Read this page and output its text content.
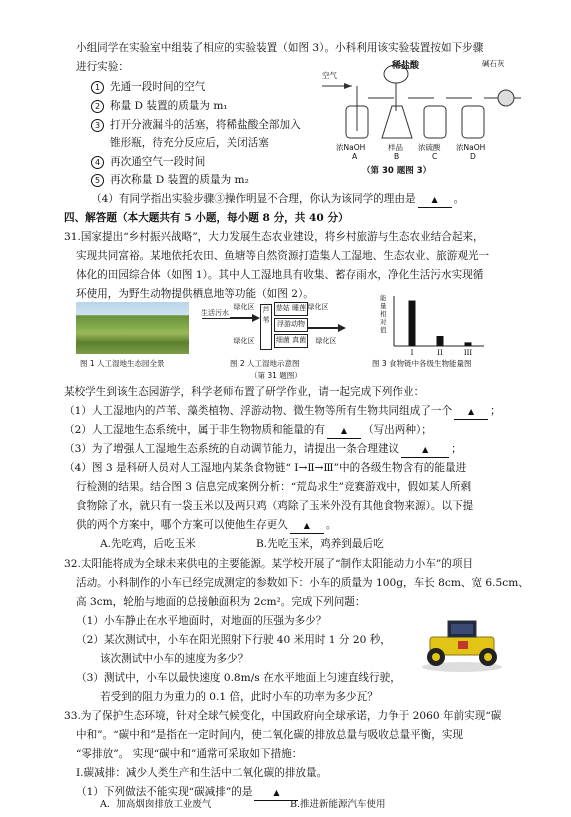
小组同学在实验室中组装了相应的实验装置（如图 3）。小科利用该实验装置按如下步骤
进行实验：
1 先通一段时间的空气
2 称量 D 装置的质量为 m₁
3 打开分液漏斗的活塞，将稀盐酸全部加入
锥形瓶，待充分反应后，关闭活塞
4 再次通空气一段时间
5 再次称量 D 装置的质量为 m₂
空气
稀盐酸	碱石灰
浓NaOH	样品 浓硫酸 浓NaOH
A	B	C	D
（第 30 题图 3）
（4）有同学指出实验步骤③操作明显不合理，你认为该同学的理由是 ▲ 。
四、解答题（本大题共有 5 小题，每小题 8 分，共 40 分）
31.国家提出“乡村振兴战略”，大力发展生态农业建设，将乡村旅游与生态农业结合起来，
实现共同富裕。某地依托农田、鱼塘等自然资源打造集人工湿地、生态农业、旅游观光一
体化的田园综合体（如图 1）。其中人工湿地具有收集、蓄存雨水，净化生活污水实现循
环使用，为野生动物提供栖息地等功能（如图 2）。
图 1 人工湿地生态园全景
绿化区	绿化区
生活污水	芦苇
慈姑 睡莲
浮游动物
细菌 真菌
绿化区	绿化区
图 2 人工湿地示意图
（第 31 题图）
能量相对值
I	II	III
图 3 食物链中各级生物能量图
某校学生到该生态园游学，科学老师布置了研学作业，请一起完成下列作业：
（1）人工湿地内的芦苇、藻类植物、浮游动物、微生物等所有生物共同组成了一个 ▲ ；
（2）人工湿地生态系统中，属于非生物物质和能量的有 ▲ （写出两种）；
（3）为了增强人工湿地生态系统的自动调节能力，请提出一条合理建议	▲ ；
（4）图 3 是科研人员对人工湿地内某条食物链“ Ⅰ→Ⅱ→Ⅲ”中的各级生物含有的能量进
行检测的结果。结合图 3 信息完成案例分析：“荒岛求生”竞赛游戏中，假如某人所剩
食物除了水，就只有一袋玉米以及两只鸡（鸡除了玉米外没有其他食物来源）。以下提
供的两个方案中，哪个方案可以使他生存更久 ▲ 。
A.先吃鸡，后吃玉米	B.先吃玉米，鸡养到最后吃
32.太阳能将成为全球未来供电的主要能源。某学校开展了“制作太阳能动力小车”的项目
活动。小科制作的小车已经完成测定的参数如下：小车的质量为 100g，车长 8cm、宽 6.5cm、
高 3cm，轮胎与地面的总接触面积为 2cm²。完成下列问题：
（1）小车静止在水平地面时，对地面的压强为多少？
（2）某次测试中，小车在阳光照射下行驶 40 米用时 1 分 20 秒，
该次测试中小车的速度为多少？
（3）测试中，小车以最快速度 0.8m/s 在水平地面上匀速直线行驶，
若受到的阻力为重力的 0.1 倍，此时小车的功率为多少瓦？
33.为了保护生态环境，针对全球气候变化，中国政府向全球承诺，力争于 2060 年前实现“碳
中和”。“碳中和”是指在一定时间内，使二氧化碳的排放总量与吸收总量平衡，实现
“零排放”。 实现“碳中和”通常可采取如下措施：
Ⅰ.碳减排：减少人类生产和生活中二氧化碳的排放量。
（1）下列做法不能实现“碳减排”的是	▲
A．加高烟囱排放工业废气	B.推进新能源汽车使用
